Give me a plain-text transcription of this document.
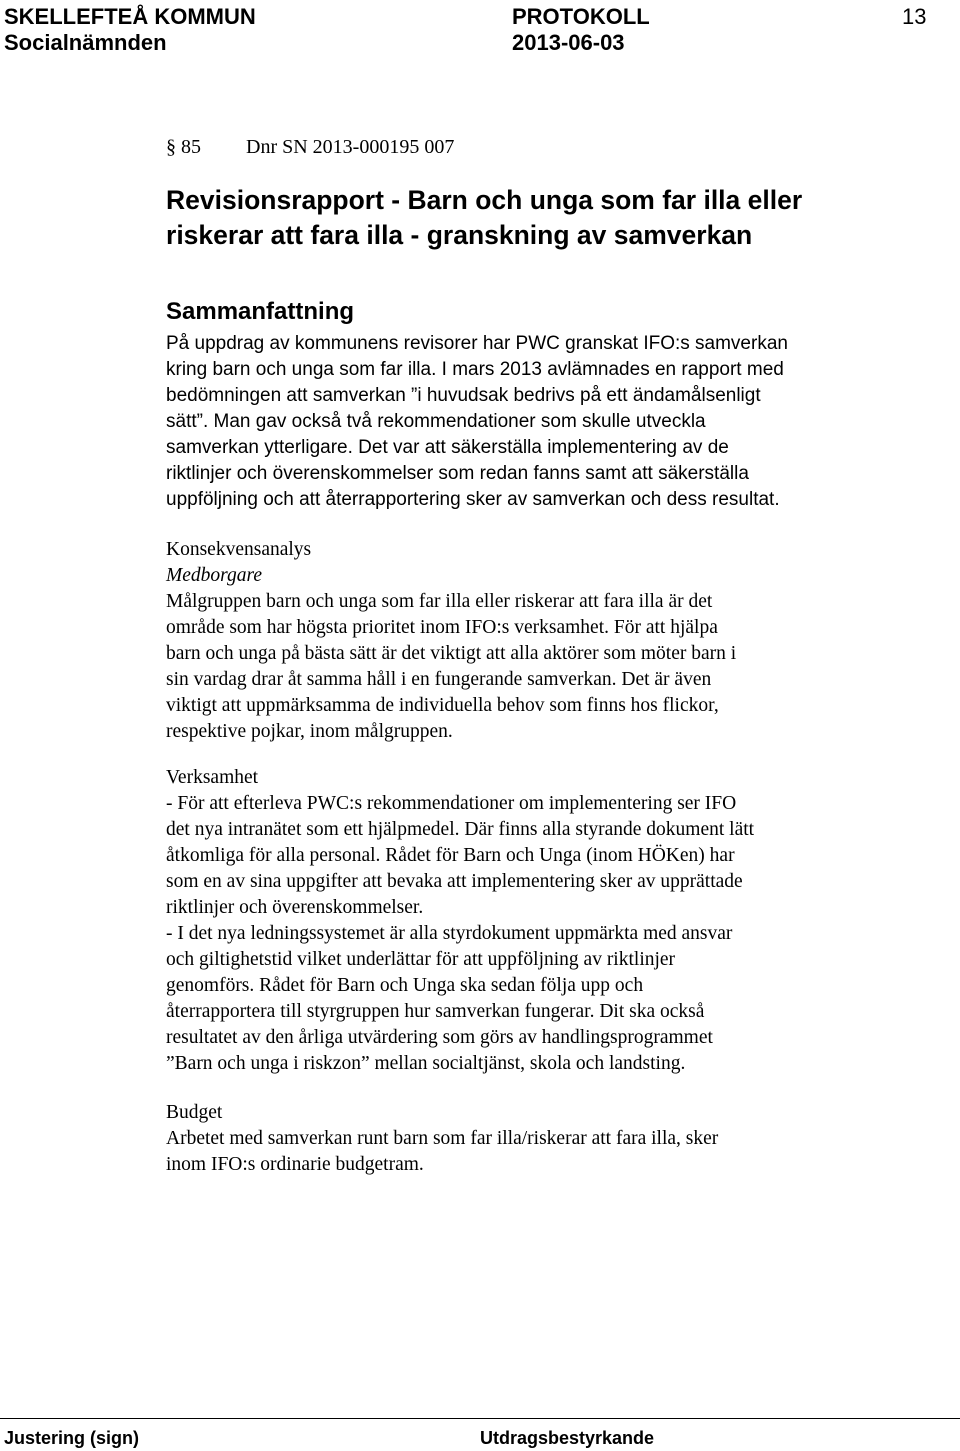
SKELLEFTEÅ KOMMUN	PROTOKOLL	13
Socialnämnden	2013-06-03
§ 85 Dnr SN 2013-000195 007
Revisionsrapport - Barn och unga som far illa eller riskerar att fara illa - granskning av samverkan
Sammanfattning
På uppdrag av kommunens revisorer har PWC granskat IFO:s samverkan
kring barn och unga som far illa. I mars 2013 avlämnades en rapport med
bedömningen att samverkan ”i huvudsak bedrivs på ett ändamålsenligt
sätt”. Man gav också två rekommendationer som skulle utveckla
samverkan ytterligare. Det var att säkerställa implementering av de
riktlinjer och överenskommelser som redan fanns samt att säkerställa
uppföljning och att återrapportering sker av samverkan och dess resultat.
Konsekvensanalys
Medborgare
Målgruppen barn och unga som far illa eller riskerar att fara illa är det
område som har högsta prioritet inom IFO:s verksamhet. För att hjälpa
barn och unga på bästa sätt är det viktigt att alla aktörer som möter barn i
sin vardag drar åt samma håll i en fungerande samverkan. Det är även
viktigt att uppmärksamma de individuella behov som finns hos flickor,
respektive pojkar, inom målgruppen.
Verksamhet
- För att efterleva PWC:s rekommendationer om implementering ser IFO
det nya intranätet som ett hjälpmedel. Där finns alla styrande dokument lätt
åtkomliga för alla personal. Rådet för Barn och Unga (inom HÖKen) har
som en av sina uppgifter att bevaka att implementering sker av upprättade
riktlinjer och överenskommelser.
- I det nya ledningssystemet är alla styrdokument uppmärkta med ansvar
och giltighetstid vilket underlättar för att uppföljning av riktlinjer
genomförs. Rådet för Barn och Unga ska sedan följa upp och
återrapportera till styrgruppen hur samverkan fungerar. Dit ska också
resultatet av den årliga utvärdering som görs av handlingsprogrammet
”Barn och unga i riskzon” mellan socialtjänst, skola och landsting.
Budget
Arbetet med samverkan runt barn som far illa/riskerar att fara illa, sker
inom IFO:s ordinarie budgetram.
Justering (sign)	Utdragsbestyrkande
